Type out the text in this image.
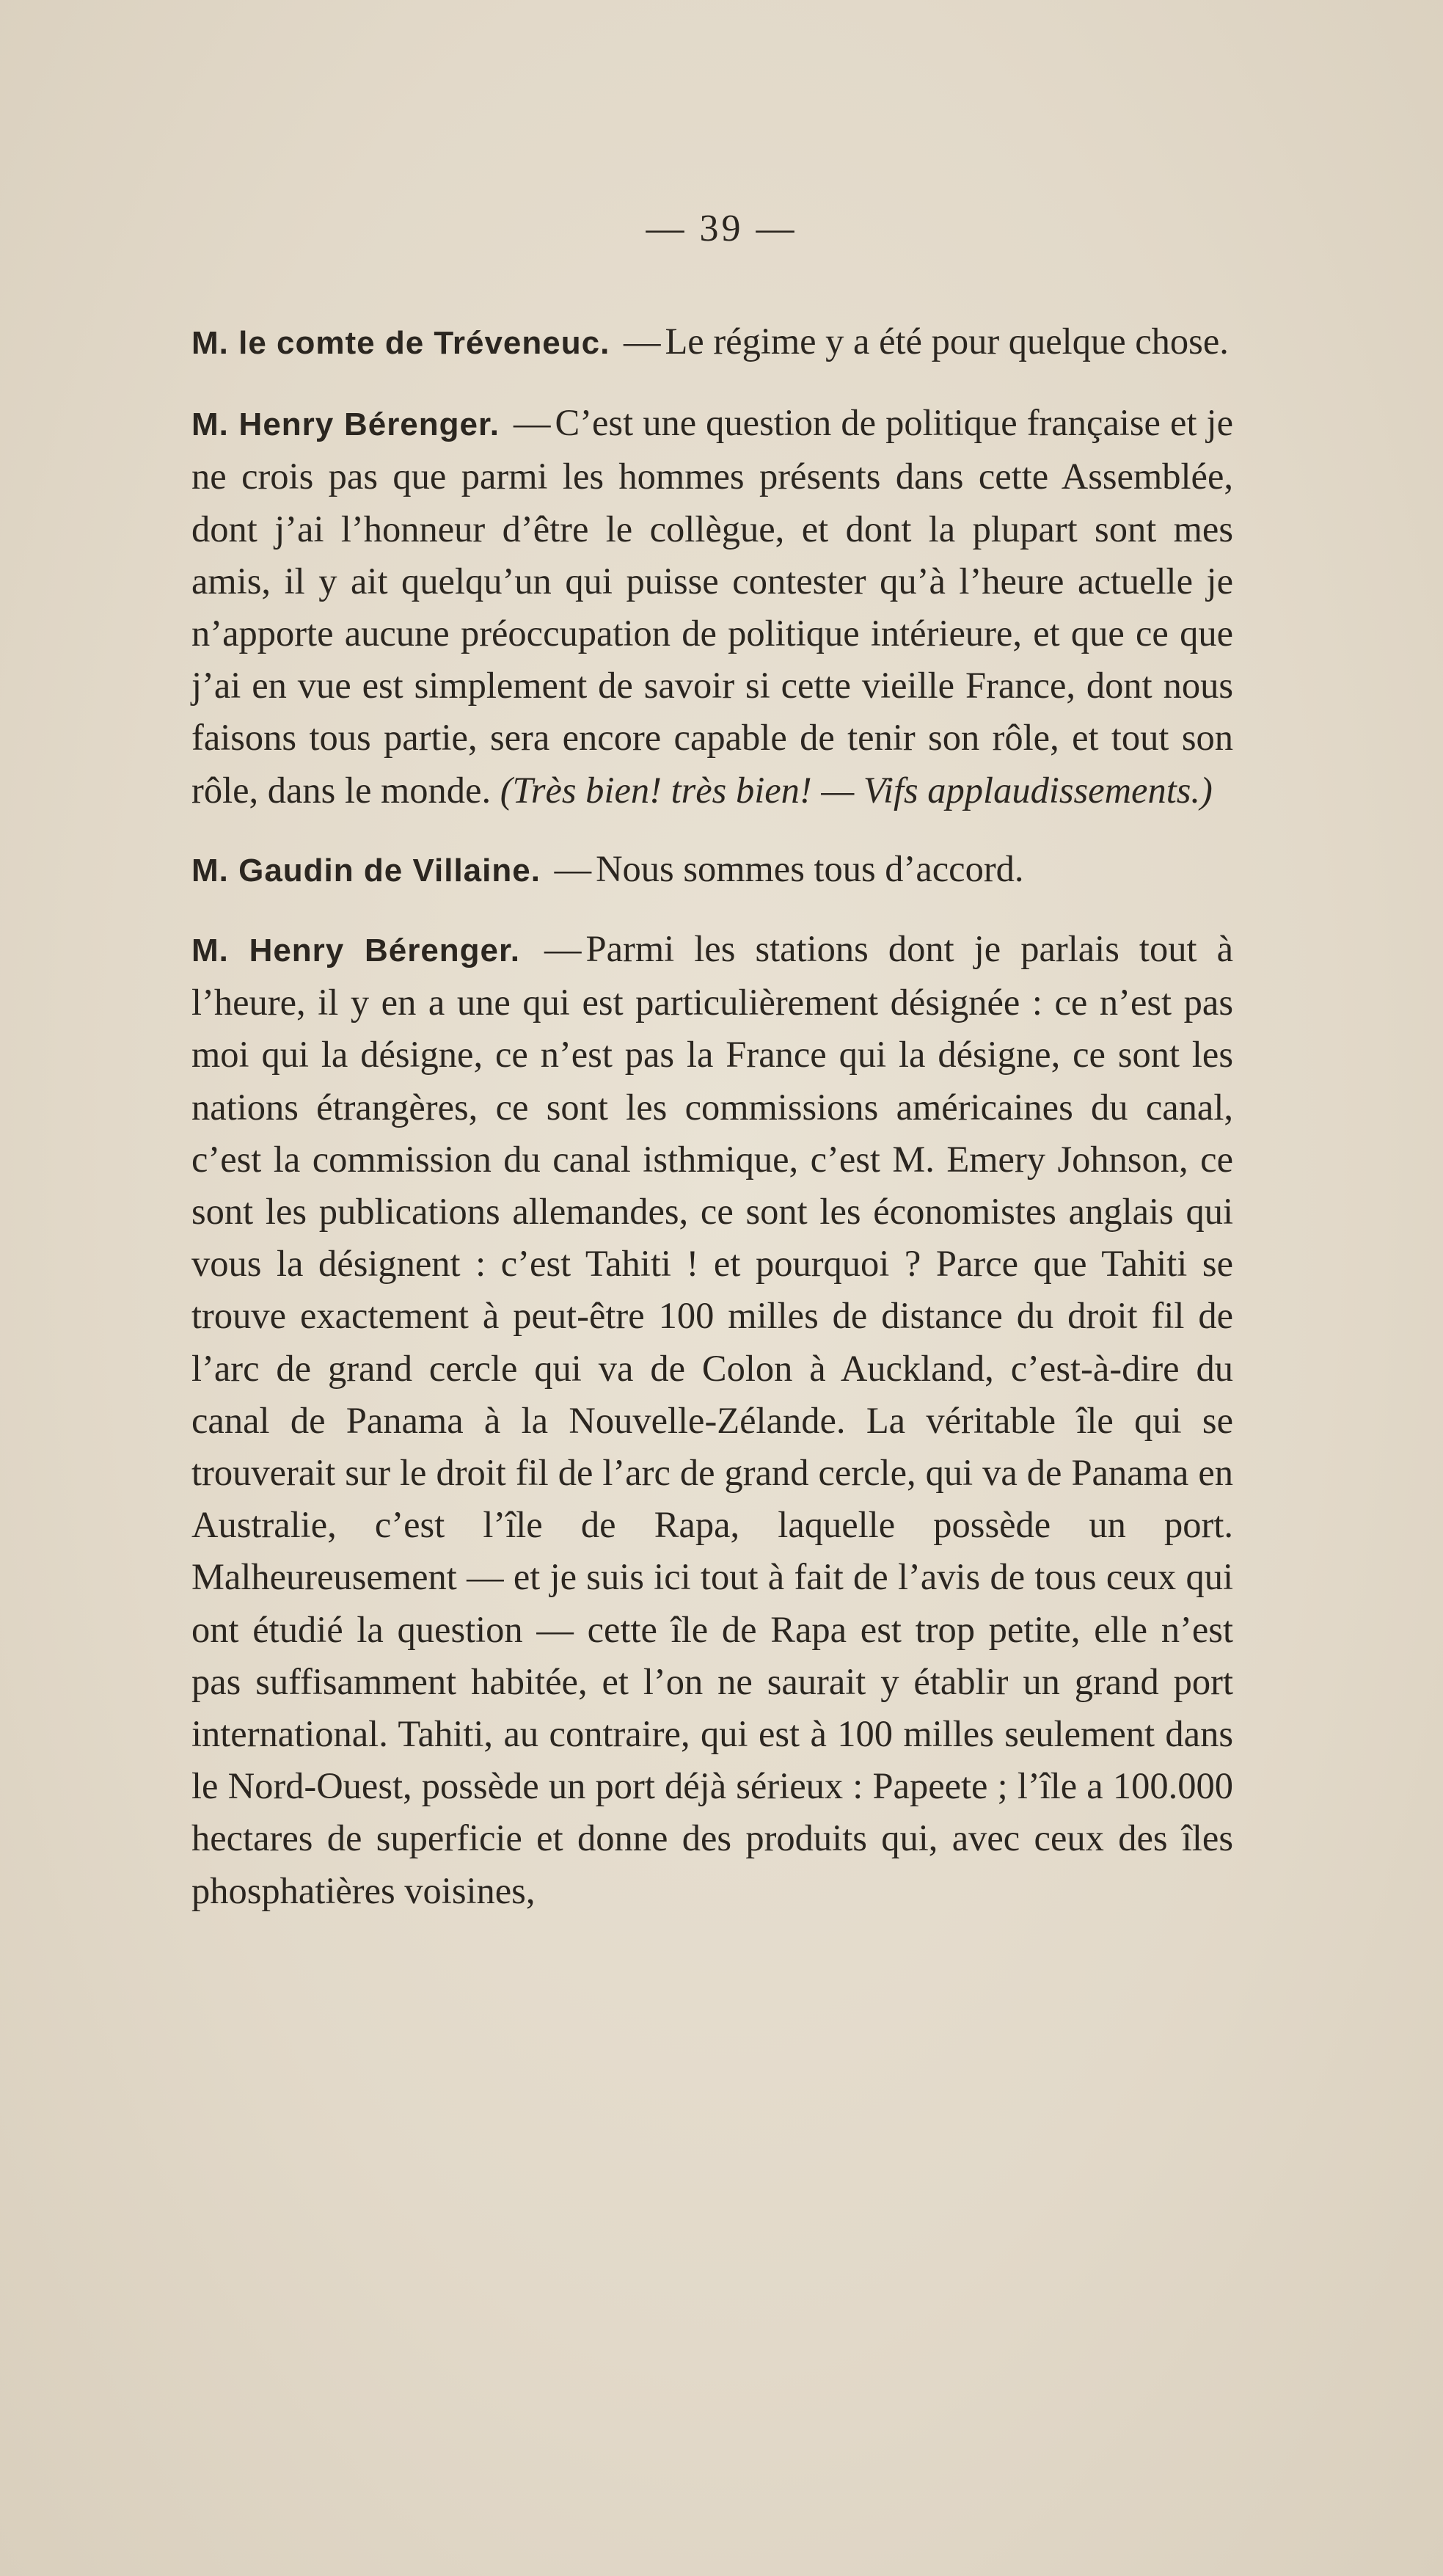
— 39 —

M. le comte de Tréveneuc. — Le régime y a été pour quelque chose.

M. Henry Bérenger. — C’est une question de politique française et je ne crois pas que parmi les hommes présents dans cette Assemblée, dont j’ai l’honneur d’être le collègue, et dont la plupart sont mes amis, il y ait quelqu’un qui puisse contester qu’à l’heure actuelle je n’apporte aucune préoccupation de politique intérieure, et que ce que j’ai en vue est simplement de savoir si cette vieille France, dont nous faisons tous partie, sera encore capable de tenir son rôle, et tout son rôle, dans le monde. (Très bien! très bien! — Vifs applaudissements.)

M. Gaudin de Villaine. — Nous sommes tous d’accord.

M. Henry Bérenger. — Parmi les stations dont je parlais tout à l’heure, il y en a une qui est particulièrement désignée : ce n’est pas moi qui la désigne, ce n’est pas la France qui la désigne, ce sont les nations étrangères, ce sont les commissions américaines du canal, c’est la commission du canal isthmique, c’est M. Emery Johnson, ce sont les publications allemandes, ce sont les économistes anglais qui vous la désignent : c’est Tahiti ! et pourquoi ? Parce que Tahiti se trouve exactement à peut-être 100 milles de distance du droit fil de l’arc de grand cercle qui va de Colon à Auckland, c’est-à-dire du canal de Panama à la Nouvelle-Zélande. La véritable île qui se trouverait sur le droit fil de l’arc de grand cercle, qui va de Panama en Australie, c’est l’île de Rapa, laquelle possède un port. Malheureusement — et je suis ici tout à fait de l’avis de tous ceux qui ont étudié la question — cette île de Rapa est trop petite, elle n’est pas suffisamment habitée, et l’on ne saurait y établir un grand port international. Tahiti, au contraire, qui est à 100 milles seulement dans le Nord-Ouest, possède un port déjà sérieux : Papeete ; l’île a 100.000 hectares de superficie et donne des produits qui, avec ceux des îles phosphatières voisines,
